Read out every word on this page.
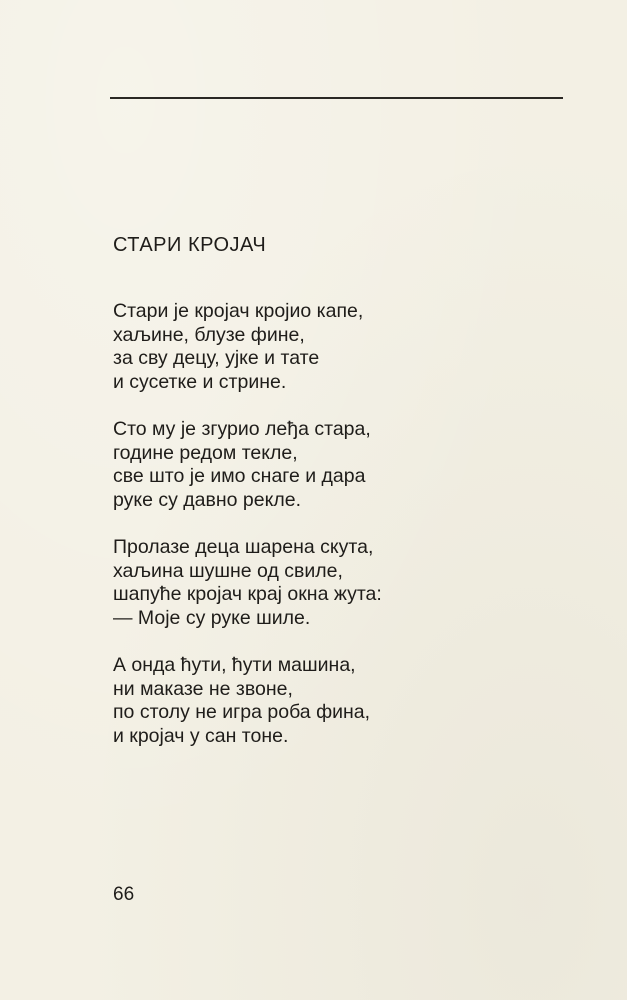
СТАРИ КРОЈАЧ
Стари је кројач кројио капе,
хаљине, блузе фине,
за сву децу, ујке и тате
и сусетке и стрине.
Сто му је згурио леђа стара,
године редом текле,
све што је имо снаге и дара
руке су давно рекле.
Пролазе деца шарена скута,
хаљина шушне од свиле,
шапуће кројач крај окна жута:
— Моје су руке шиле.
А онда ћути, ћути машина,
ни маказе не звоне,
по столу не игра роба фина,
и кројач у сан тоне.
66
